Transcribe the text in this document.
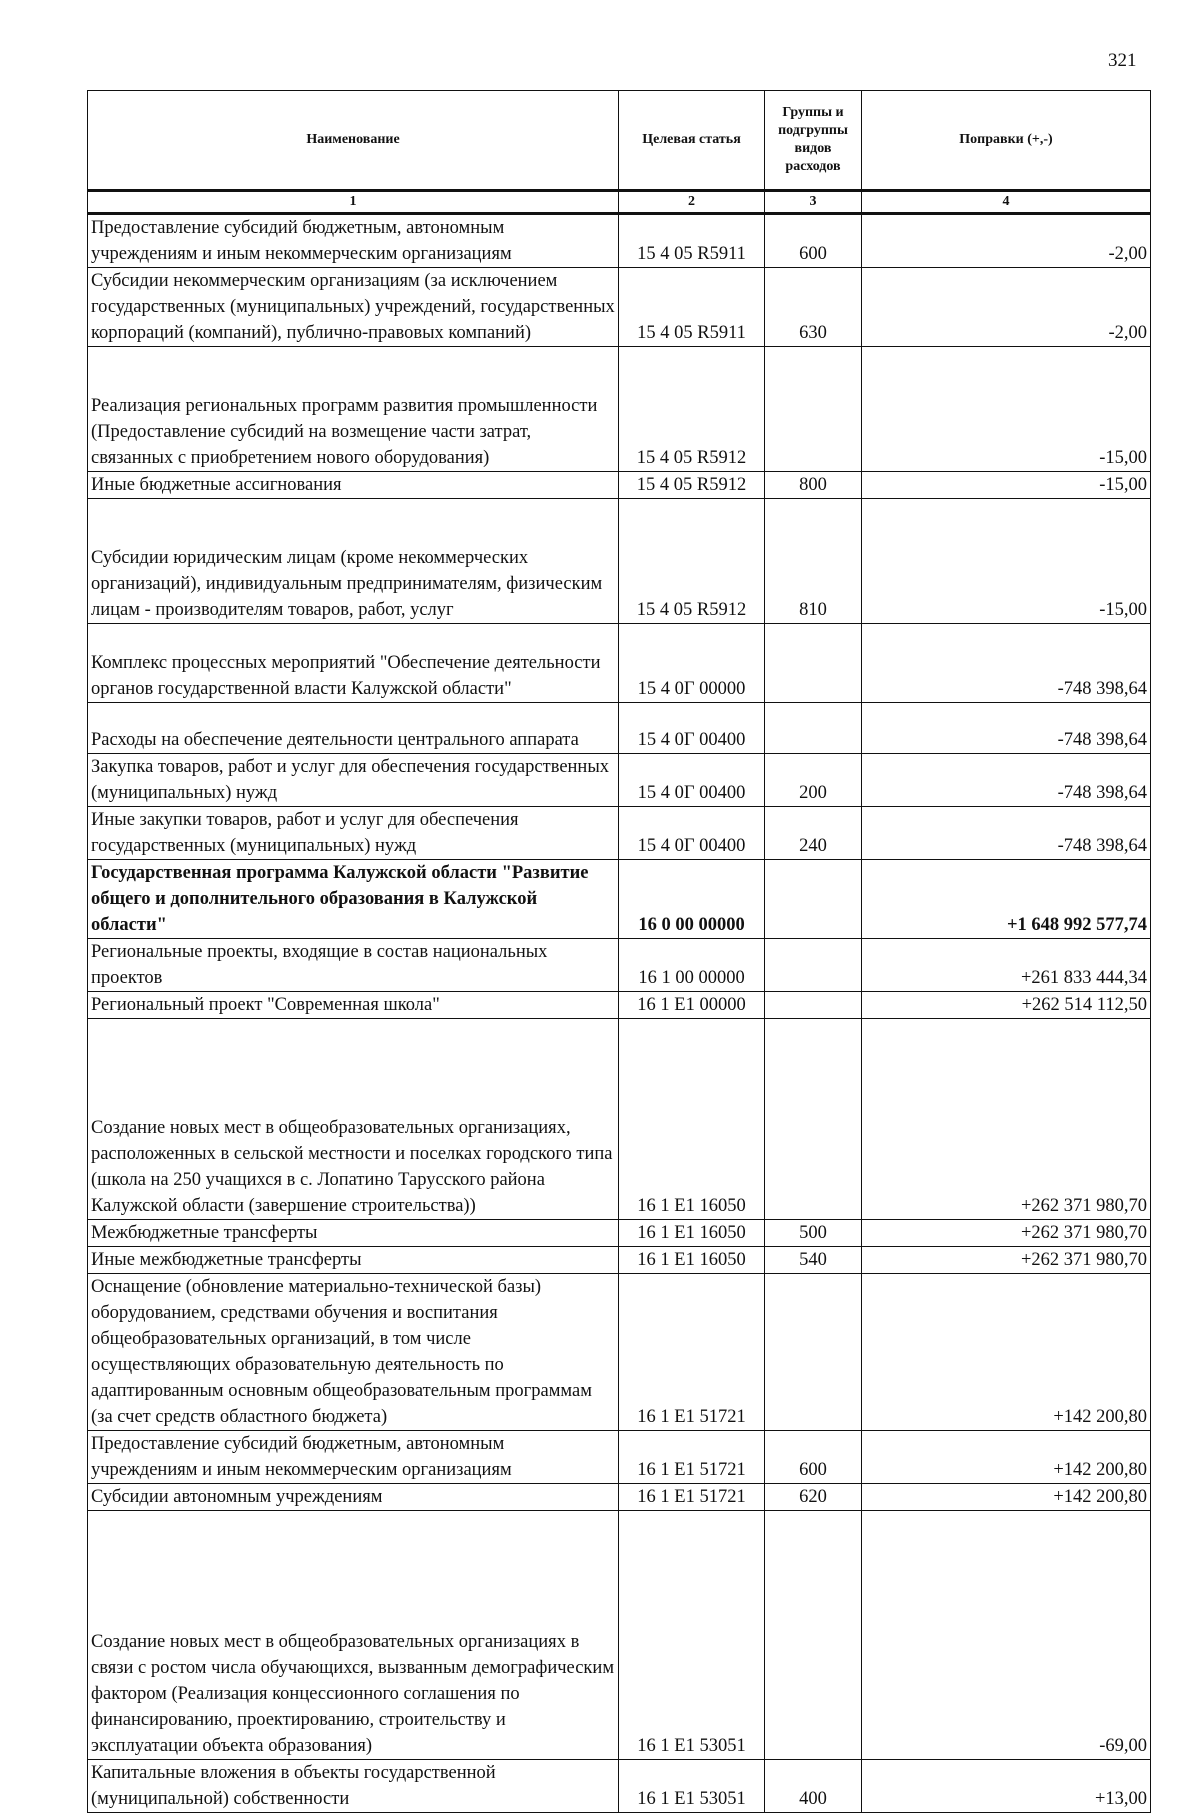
321
Наименование	Целевая статья	Группы и подгруппы видов расходов	Поправки (+,-)
1	2	3	4
Предоставление субсидий бюджетным, автономным учреждениям и иным некоммерческим организациям	15 4 05 R5911	600	-2,00
Субсидии некоммерческим организациям (за исключением государственных (муниципальных) учреждений, государственных корпораций (компаний), публично-правовых компаний)	15 4 05 R5911	630	-2,00
Реализация региональных программ развития промышленности (Предоставление субсидий на возмещение части затрат, связанных с приобретением нового оборудования)	15 4 05 R5912		-15,00
Иные бюджетные ассигнования	15 4 05 R5912	800	-15,00
Субсидии юридическим лицам (кроме некоммерческих организаций), индивидуальным предпринимателям, физическим лицам - производителям товаров, работ, услуг	15 4 05 R5912	810	-15,00
Комплекс процессных мероприятий "Обеспечение деятельности органов государственной власти Калужской области"	15 4 0Г 00000		-748 398,64
Расходы на обеспечение деятельности центрального аппарата	15 4 0Г 00400		-748 398,64
Закупка товаров, работ и услуг для обеспечения государственных (муниципальных) нужд	15 4 0Г 00400	200	-748 398,64
Иные закупки товаров, работ и услуг для обеспечения государственных (муниципальных) нужд	15 4 0Г 00400	240	-748 398,64
Государственная программа Калужской области "Развитие общего и дополнительного образования в Калужской области"	16 0 00 00000		+1 648 992 577,74
Региональные проекты, входящие в состав национальных проектов	16 1 00 00000		+261 833 444,34
Региональный проект "Современная школа"	16 1 E1 00000		+262 514 112,50
Создание новых мест в общеобразовательных организациях, расположенных в сельской местности и поселках городского типа (школа на 250 учащихся в с. Лопатино Тарусского района Калужской области (завершение строительства))	16 1 E1 16050		+262 371 980,70
Межбюджетные трансферты	16 1 E1 16050	500	+262 371 980,70
Иные межбюджетные трансферты	16 1 E1 16050	540	+262 371 980,70
Оснащение (обновление материально-технической базы) оборудованием, средствами обучения и воспитания общеобразовательных организаций, в том числе осуществляющих образовательную деятельность по адаптированным основным общеобразовательным программам (за счет средств областного бюджета)	16 1 E1 51721		+142 200,80
Предоставление субсидий бюджетным, автономным учреждениям и иным некоммерческим организациям	16 1 E1 51721	600	+142 200,80
Субсидии автономным учреждениям	16 1 E1 51721	620	+142 200,80
Создание новых мест в общеобразовательных организациях в связи с ростом числа обучающихся, вызванным демографическим фактором (Реализация концессионного соглашения по финансированию, проектированию, строительству и эксплуатации объекта образования)	16 1 E1 53051		-69,00
Капитальные вложения в объекты государственной (муниципальной) собственности	16 1 E1 53051	400	+13,00
